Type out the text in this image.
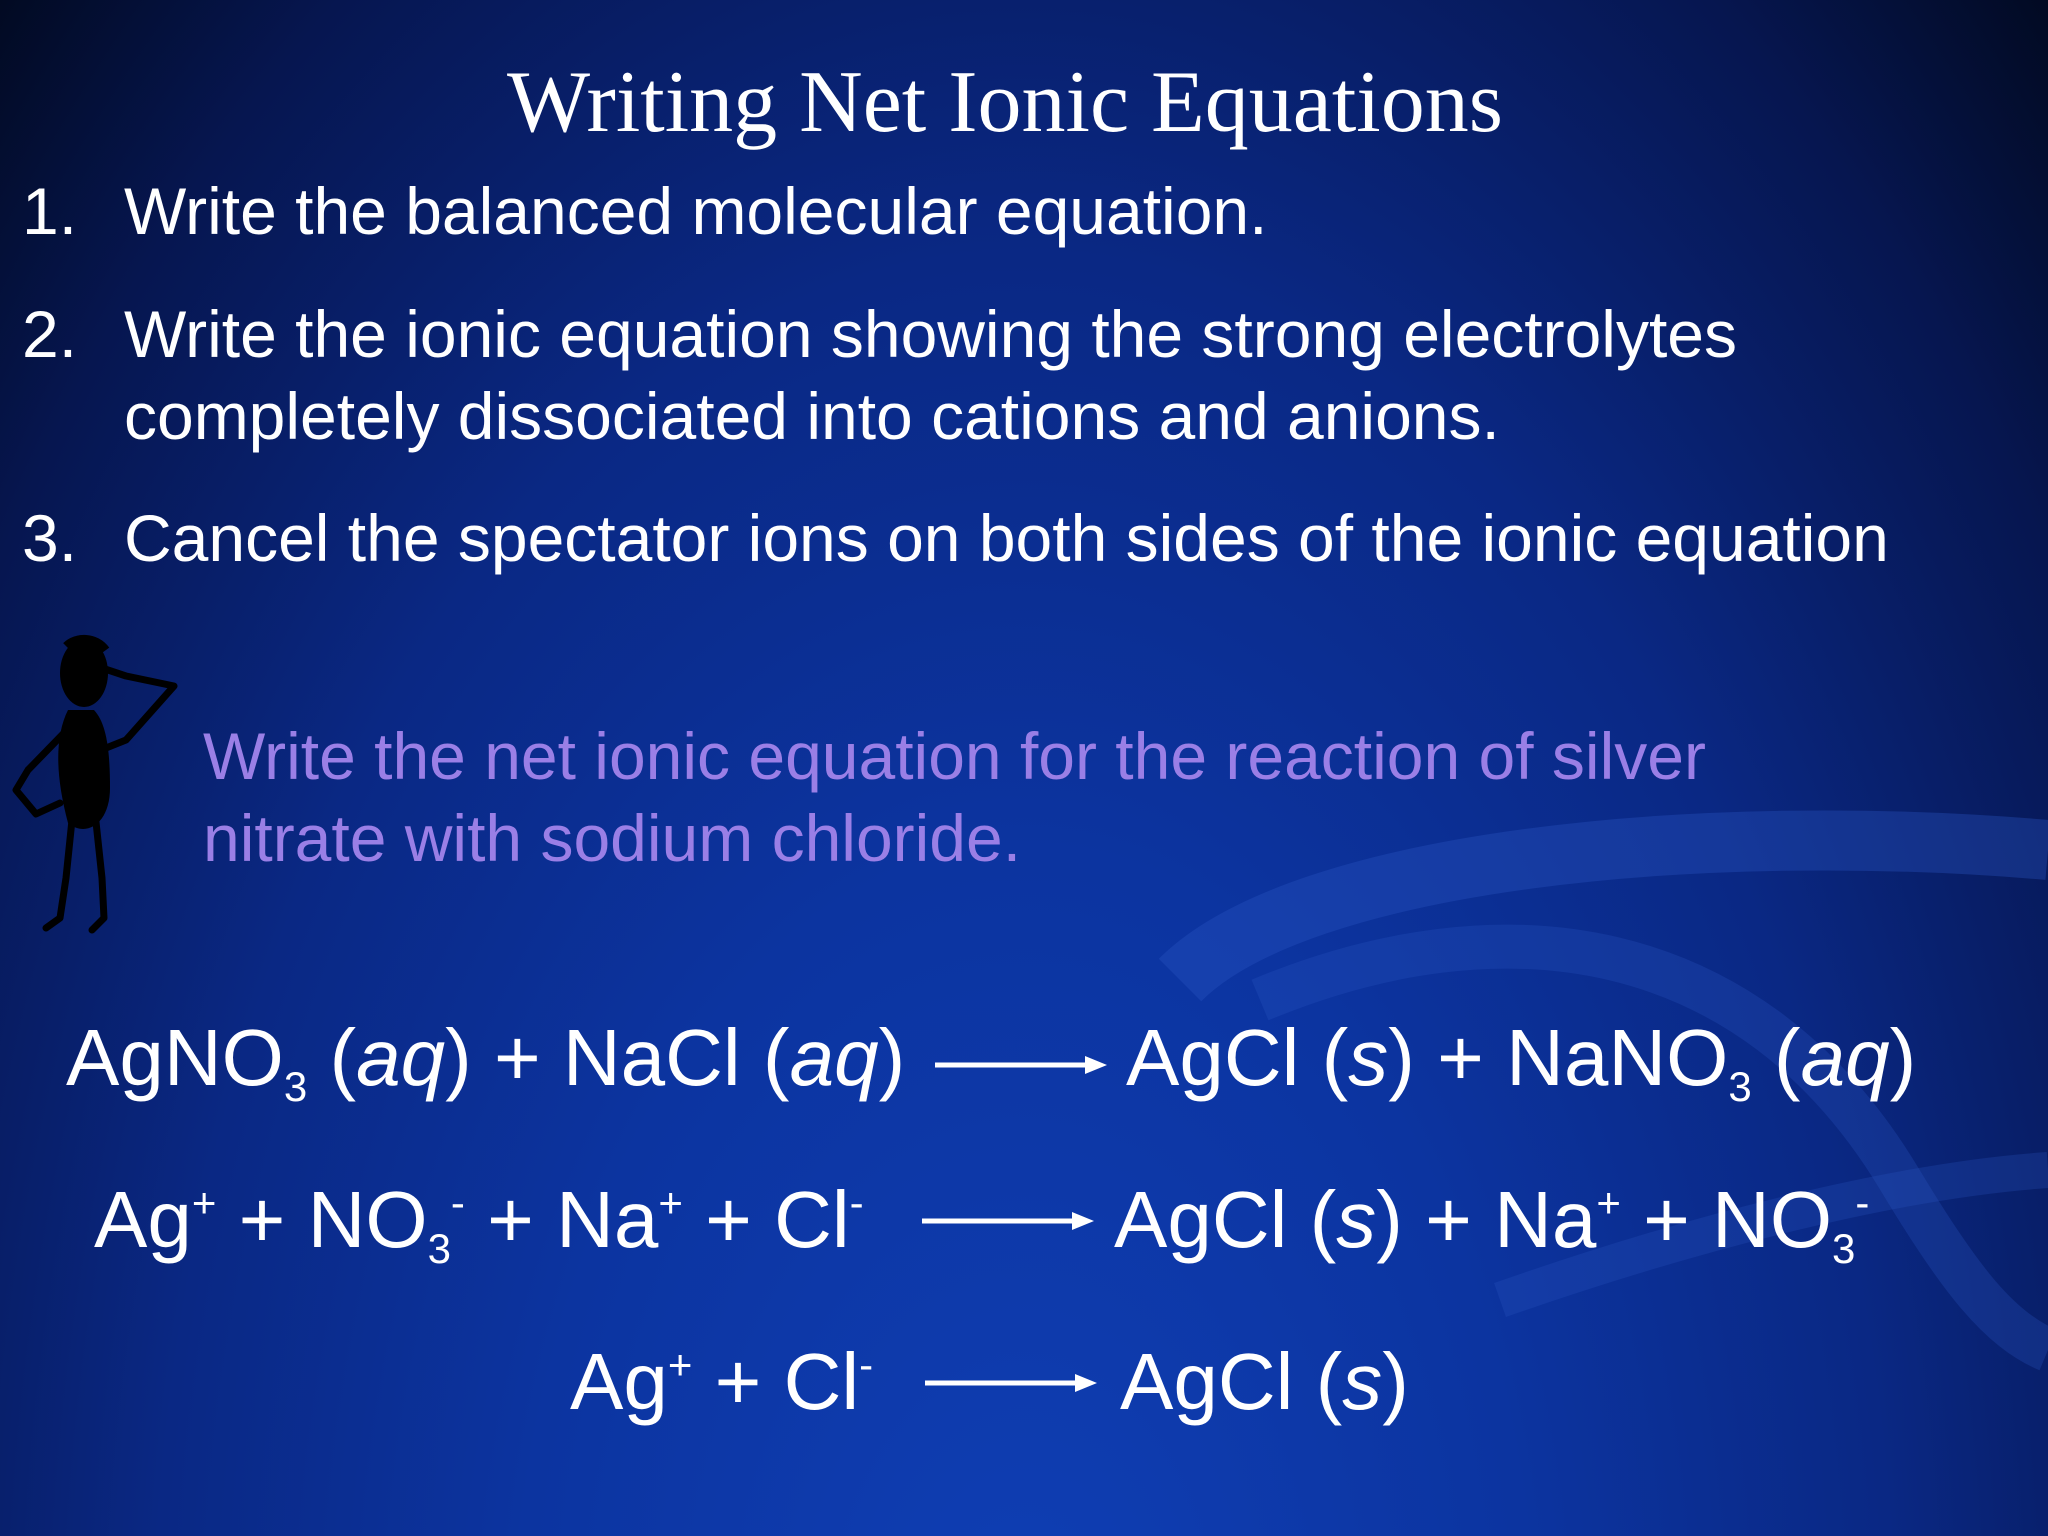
Writing Net Ionic Equations
1. Write the balanced molecular equation.
2. Write the ionic equation showing the strong electrolytes
completely dissociated into cations and anions.
3. Cancel the spectator ions on both sides of the ionic equation
Write the net ionic equation for the reaction of silver
nitrate with sodium chloride.
AgNO$_3$ (aq) + NaCl (aq)	AgCl (s) + NaNO$_3$ (aq)
$Ag^+ + NO_3^- + Na^+ + Cl^-$	AgCl $(s) + Na^+ + NO_3^-$
Ag+ + Cl-	AgCl (s)
